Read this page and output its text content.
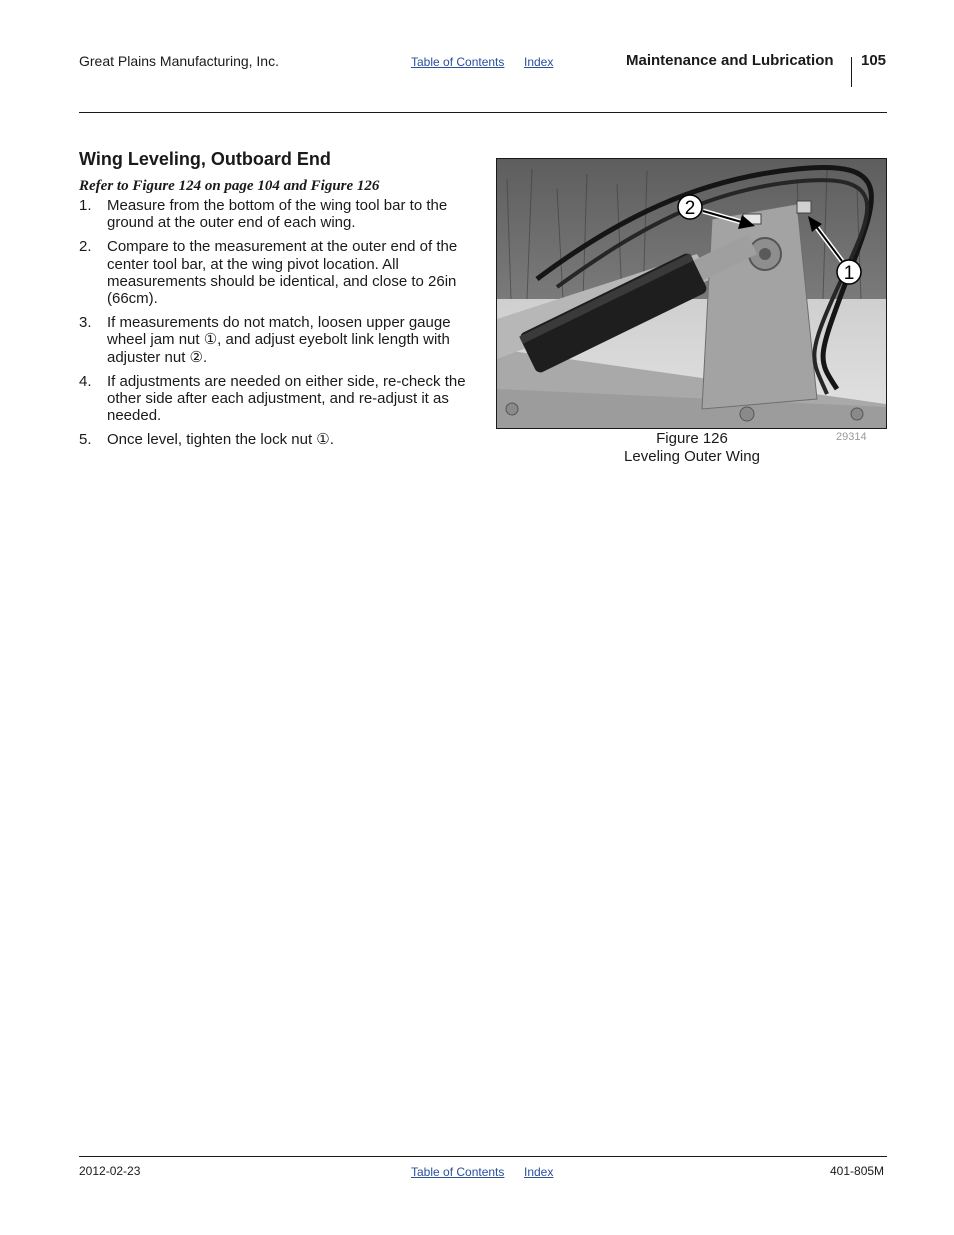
Great Plains Manufacturing, Inc.	Table of Contents Index	Maintenance and Lubrication 105
Wing Leveling, Outboard End
Refer to Figure 124 on page 104 and Figure 126
1. Measure from the bottom of the wing tool bar to the ground at the outer end of each wing.
2. Compare to the measurement at the outer end of the center tool bar, at the wing pivot location. All measurements should be identical, and close to 26in (66cm).
3. If measurements do not match, loosen upper gauge wheel jam nut ①, and adjust eyebolt link length with adjuster nut ②.
4. If adjustments are needed on either side, re-check the other side after each adjustment, and re-adjust it as needed.
5. Once level, tighten the lock nut ①.
2
1
Figure 126
Leveling Outer Wing
29314
2012-02-23	Table of Contents Index	401-805M
